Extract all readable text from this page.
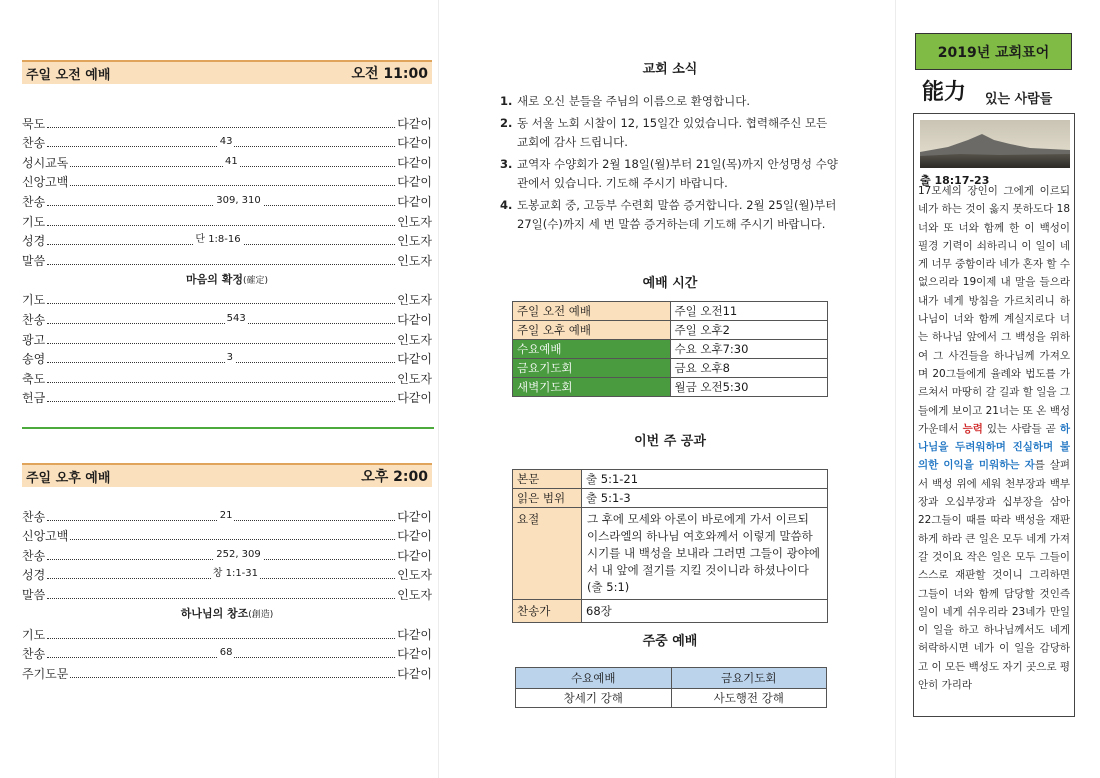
주일 오전 예배	오전 11:00
묵도	다같이
찬송	43	다같이
성시교독	41	다같이
신앙고백	다같이
찬송	309, 310	다같이
기도	인도자
성경	단 1:8-16	인도자
말씀	인도자
마음의 확정(確定)
기도	인도자
찬송	543	다같이
광고	인도자
송영	3	다같이
축도	인도자
헌금	다같이
주일 오후 예배	오후 2:00
찬송	21	다같이
신앙고백	다같이
찬송	252, 309	다같이
성경	창 1:1-31	인도자
말씀	인도자
하나님의 창조(創造)
기도	다같이
찬송	68	다같이
주기도문	다같이
교회 소식
1. 새로 오신 분들을 주님의 이름으로 환영합니다.
2. 동 서울 노회 시찰이 12, 15일간 있었습니다. 협력해주신 모든 교회에 감사 드립니다.
3. 교역자 수양회가 2월 18일(월)부터 21일(목)까지 안성명성 수양관에서 있습니다. 기도해 주시기 바랍니다.
4. 도봉교회 중, 고등부 수련회 말씀 증거합니다. 2월 25일(월)부터 27일(수)까지 세 번 말씀 증거하는데 기도해 주시기 바랍니다.
예배 시간
주일 오전 예배	주일 오전11
주일 오후 예배	주일 오후2
수요예배	수요 오후7:30
금요기도회	금요 오후8
새벽기도회	월금 오전5:30
이번 주 공과
본문	출 5:1-21
읽은 범위	출 5:1-3
요절	그 후에 모세와 아론이 바로에게 가서 이르되 이스라엘의 하나님 여호와께서 이렇게 말씀하시기를 내 백성을 보내라 그러면 그들이 광야에서 내 앞에 절기를 지킬 것이니라 하셨나이다
(출 5:1)
찬송가	68장
주중 예배
수요예배	금요기도회
창세기 강해	사도행전 강해
2019년 교회표어
能力 있는 사람들
출 18:17-23
17모세의 장인이 그에게 이르되 네가 하는 것이 옳지 못하도다 18너와 또 너와 함께 한 이 백성이 필경 기력이 쇠하리니 이 일이 네게 너무 중함이라 네가 혼자 할 수 없으리라 19이제 내 말을 들으라 내가 네게 방침을 가르치리니 하나님이 너와 함께 계실지로다 너는 하나님 앞에서 그 백성을 위하여 그 사건들을 하나님께 가져오며 20그들에게 율례와 법도를 가르쳐서 마땅히 갈 길과 할 일을 그들에게 보이고 21너는 또 온 백성 가운데서 능력 있는 사람들 곧 하나님을 두려워하며 진실하며 불의한 이익을 미워하는 자를 살펴서 백성 위에 세워 천부장과 백부장과 오십부장과 십부장을 삼아 22그들이 때를 따라 백성을 재판하게 하라 큰 일은 모두 네게 가져갈 것이요 작은 일은 모두 그들이 스스로 재판할 것이니 그리하면 그들이 너와 함께 담당할 것인즉 일이 네게 쉬우리라 23네가 만일 이 일을 하고 하나님께서도 네게 허락하시면 네가 이 일을 감당하고 이 모든 백성도 자기 곳으로 평안히 가리라
